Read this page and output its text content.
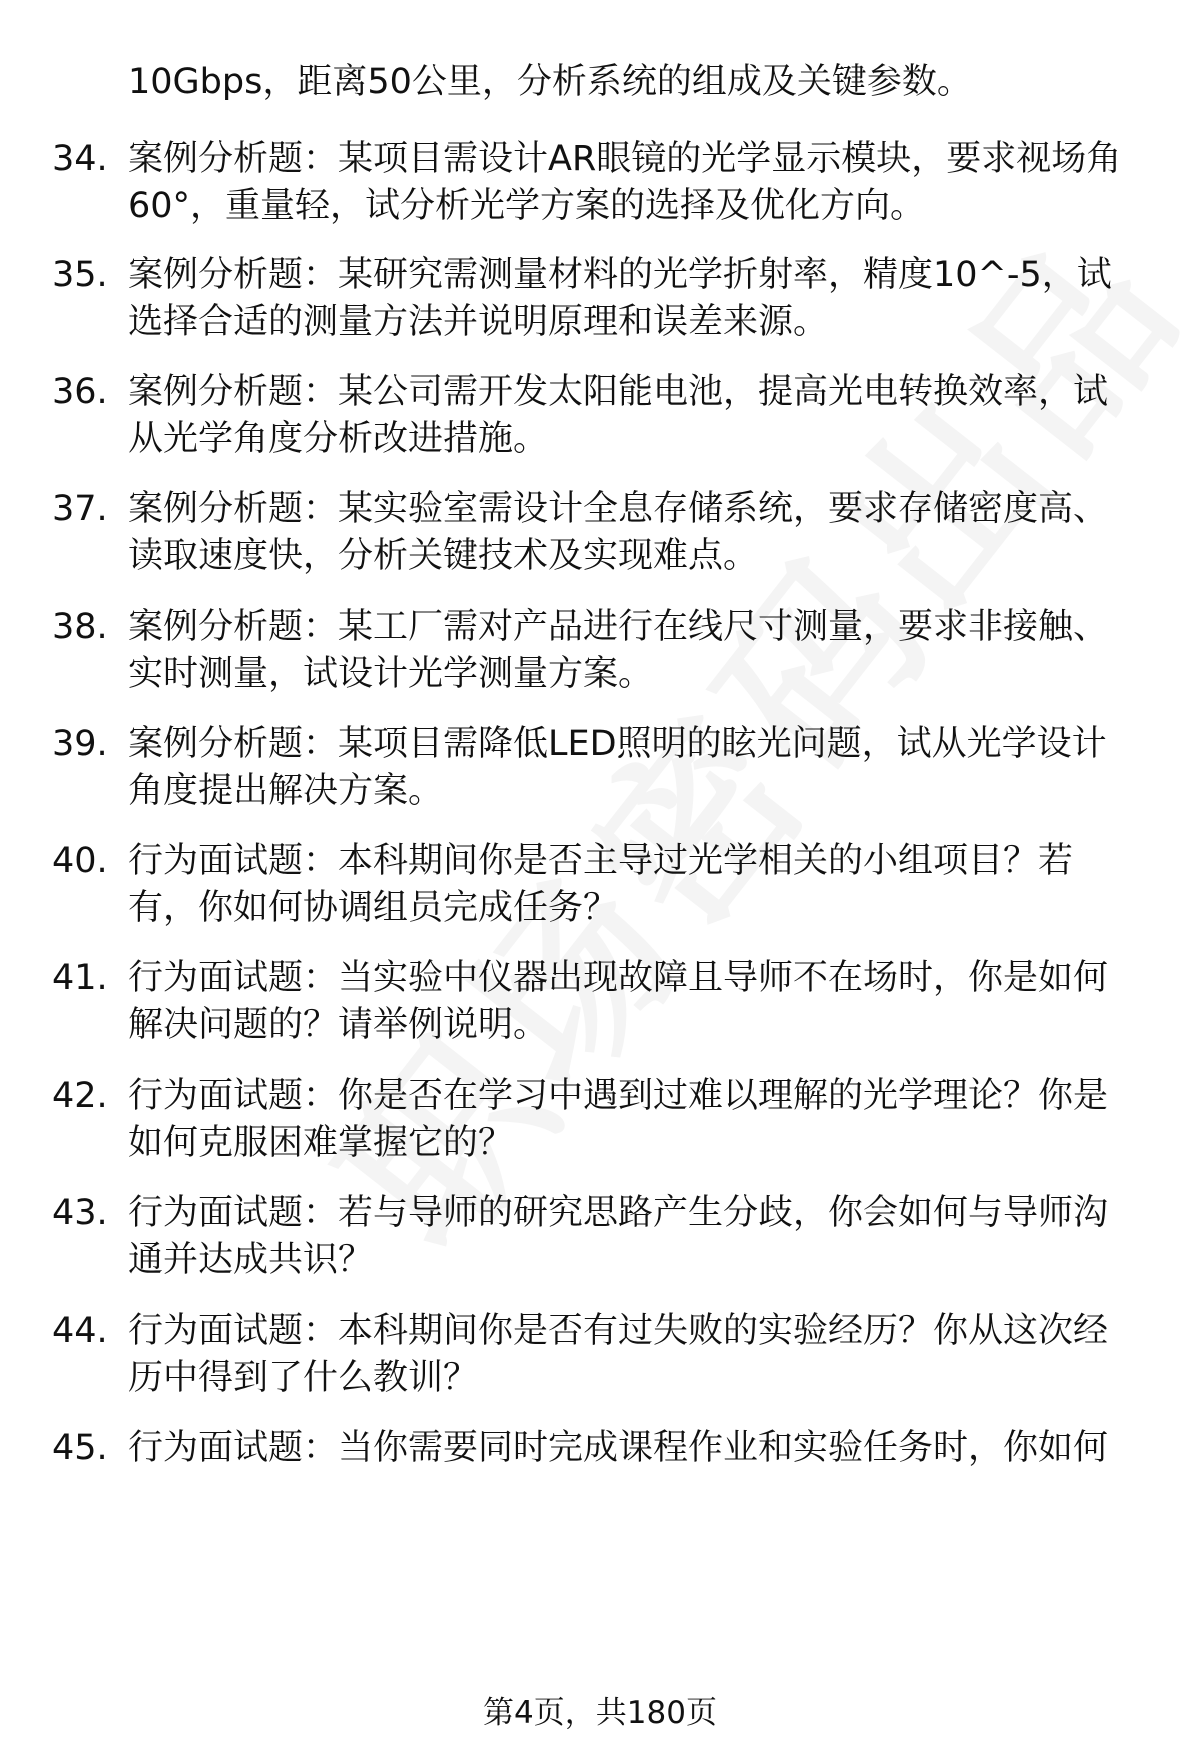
10Gbps，距离50公里，分析系统的组成及关键参数。
34. 案例分析题：某项目需设计AR眼镜的光学显示模块，要求视场角
60°，重量轻，试分析光学方案的选择及优化方向。
35. 案例分析题：某研究需测量材料的光学折射率，精度10^-5，试
选择合适的测量方法并说明原理和误差来源。
36. 案例分析题：某公司需开发太阳能电池，提高光电转换效率，试
从光学角度分析改进措施。
37. 案例分析题：某实验室需设计全息存储系统，要求存储密度高、
读取速度快，分析关键技术及实现难点。
38. 案例分析题：某工厂需对产品进行在线尺寸测量，要求非接触、
实时测量，试设计光学测量方案。
39. 案例分析题：某项目需降低LED照明的眩光问题，试从光学设计
角度提出解决方案。
40. 行为面试题：本科期间你是否主导过光学相关的小组项目？若
有，你如何协调组员完成任务？
41. 行为面试题：当实验中仪器出现故障且导师不在场时，你是如何
解决问题的？请举例说明。
42. 行为面试题：你是否在学习中遇到过难以理解的光学理论？你是
如何克服困难掌握它的？
43. 行为面试题：若与导师的研究思路产生分歧，你会如何与导师沟
通并达成共识？
44. 行为面试题：本科期间你是否有过失败的实验经历？你从这次经
历中得到了什么教训？
45. 行为面试题：当你需要同时完成课程作业和实验任务时，你如何
第4页，共180页
